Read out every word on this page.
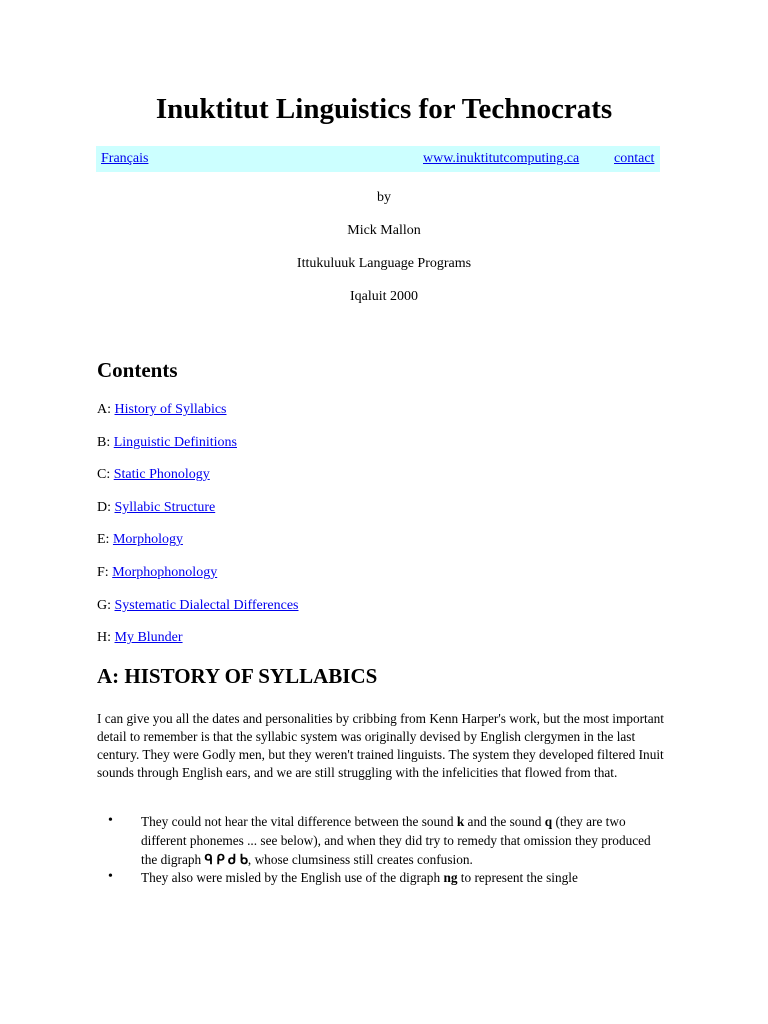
Inuktitut Linguistics for Technocrats
Français	www.inuktitutcomputing.ca contact
by
Mick Mallon
Ittukuluuk Language Programs
Iqaluit 2000
Contents
A: History of Syllabics
B: Linguistic Definitions
C: Static Phonology
D: Syllabic Structure
E: Morphology
F: Morphophonology
G: Systematic Dialectal Differences
H: My Blunder
A: HISTORY OF SYLLABICS

I can give you all the dates and personalities by cribbing from Kenn Harper's work, but the most important detail to remember is that the syllabic system was originally devised by English clergymen in the last century. They were Godly men, but they weren't trained linguists. The system they developed filtered Inuit sounds through English ears, and we are still struggling with the infelicities that flowed from that.

• They could not hear the vital difference between the sound k and the sound q (they are two different phonemes ... see below), and when they did try to remedy that omission they produced the digraph ᑫ ᑭ ᑯ ᑲ, whose clumsiness still creates confusion.
• They also were misled by the English use of the digraph ng to represent the single
